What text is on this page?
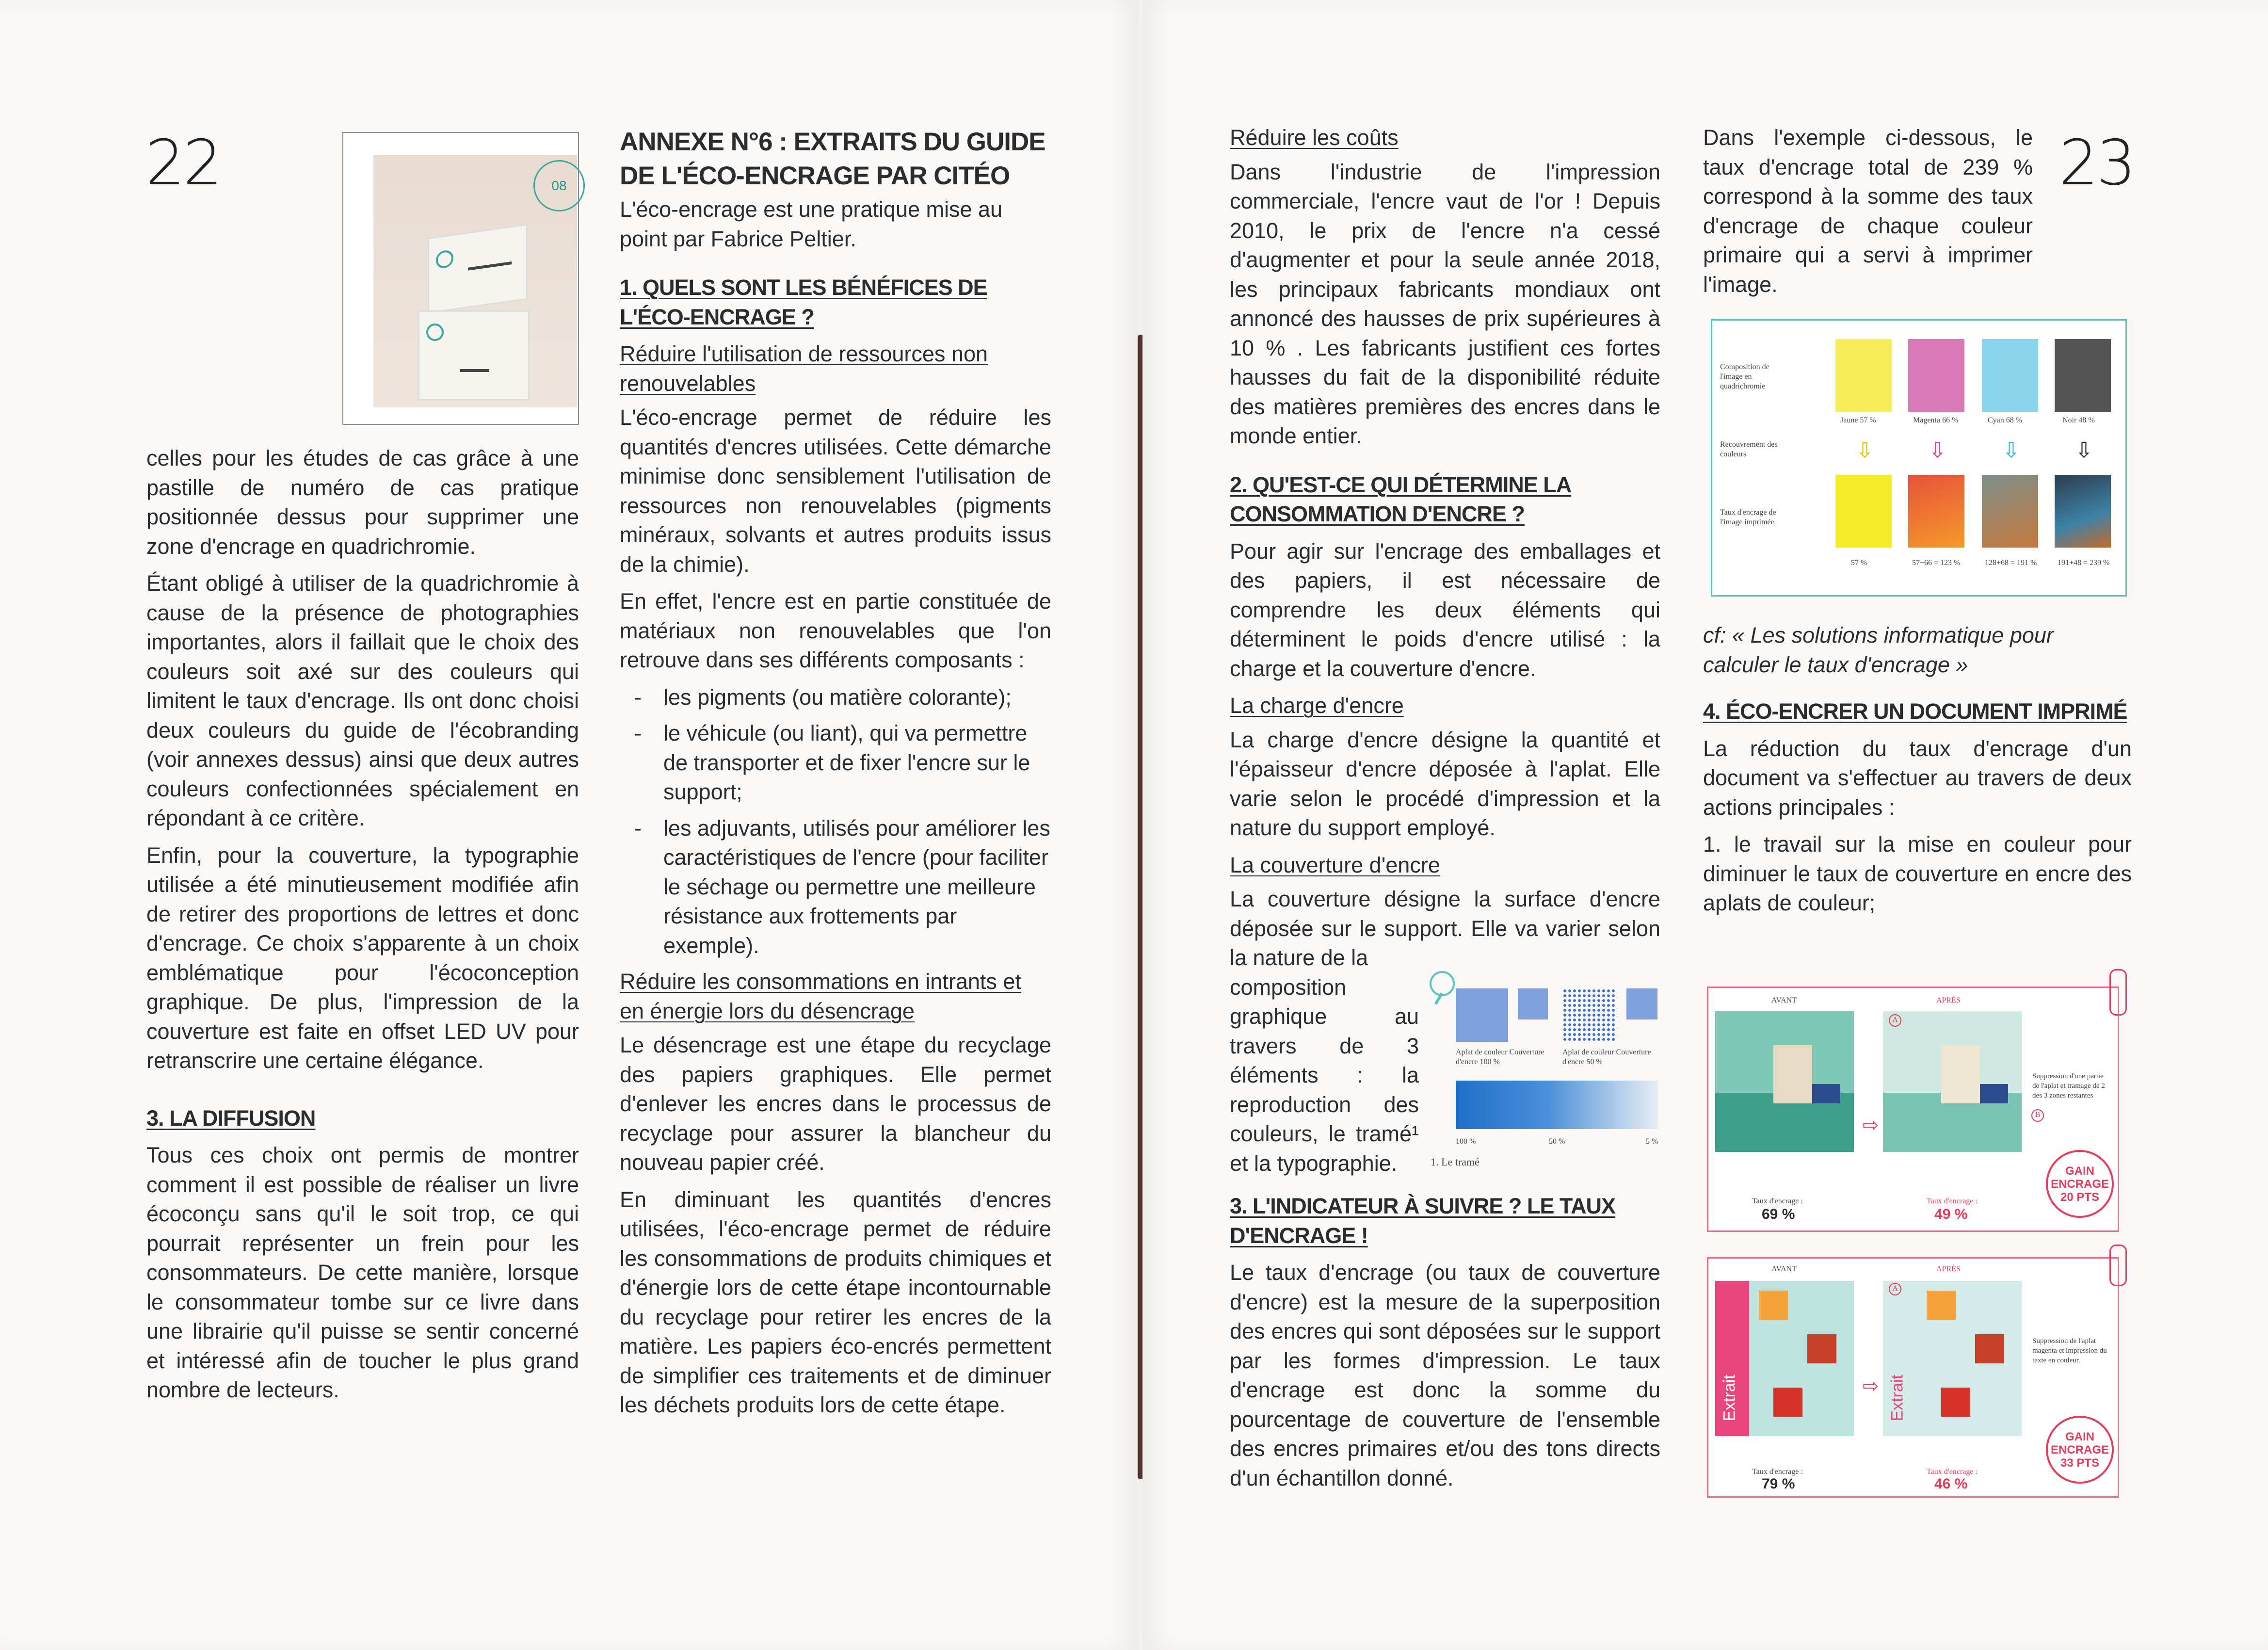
22	08

celles pour les études de cas grâce à une pastille de numéro de cas pratique positionnée dessus pour supprimer une zone d'encrage en quadrichromie.

Étant obligé à utiliser de la quadrichromie à cause de la présence de photographies importantes, alors il faillait que le choix des couleurs soit axé sur des couleurs qui limitent le taux d'encrage. Ils ont donc choisi deux couleurs du guide de l'écobranding (voir annexes dessus) ainsi que deux autres couleurs confectionnées spécialement en répondant à ce critère.

Enfin, pour la couverture, la typographie utilisée a été minutieusement modifiée afin de retirer des proportions de lettres et donc d'encrage. Ce choix s'apparente à un choix emblématique pour l'écoconception graphique. De plus, l'impression de la couverture est faite en offset LED UV pour retranscrire une certaine élégance.

3. LA DIFFUSION

Tous ces choix ont permis de montrer comment il est possible de réaliser un livre écoconçu sans qu'il le soit trop, ce qui pourrait représenter un frein pour les consommateurs. De cette manière, lorsque le consommateur tombe sur ce livre dans une librairie qu'il puisse se sentir concerné et intéressé afin de toucher le plus grand nombre de lecteurs.

ANNEXE N°6 : EXTRAITS DU GUIDE DE L'ÉCO-ENCRAGE PAR CITÉO

L'éco-encrage est une pratique mise au point par Fabrice Peltier.

1. QUELS SONT LES BÉNÉFICES DE L'ÉCO-ENCRAGE ?
Réduire l'utilisation de ressources non renouvelables

L'éco-encrage permet de réduire les quantités d'encres utilisées. Cette démarche minimise donc sensiblement l'utilisation de ressources non renouvelables (pigments minéraux, solvants et autres produits issus de la chimie).

En effet, l'encre est en partie constituée de matériaux non renouvelables que l'on retrouve dans ses différents composants :

- les pigments (ou matière colorante);
- le véhicule (ou liant), qui va permettre de transporter et de fixer l'encre sur le support;
- les adjuvants, utilisés pour améliorer les caractéristiques de l'encre (pour faciliter le séchage ou permettre une meilleure résistance aux frottements par exemple).
Réduire les consommations en intrants et en énergie lors du désencrage

Le désencrage est une étape du recyclage des papiers graphiques. Elle permet d'enlever les encres dans le processus de recyclage pour assurer la blancheur du nouveau papier créé.

En diminuant les quantités d'encres utilisées, l'éco-encrage permet de réduire les consommations de produits chimiques et d'énergie lors de cette étape incontournable du recyclage pour retirer les encres de la matière. Les papiers éco-encrés permettent de simplifier ces traitements et de diminuer les déchets produits lors de cette étape.

23
Réduire les coûts

Dans l'industrie de l'impression commerciale, l'encre vaut de l'or ! Depuis 2010, le prix de l'encre n'a cessé d'augmenter et pour la seule année 2018, les principaux fabricants mondiaux ont annoncé des hausses de prix supérieures à 10 % . Les fabricants justifient ces fortes hausses du fait de la disponibilité réduite des matières premières des encres dans le monde entier.

2. QU'EST-CE QUI DÉTERMINE LA CONSOMMATION D'ENCRE ?

Pour agir sur l'encrage des emballages et des papiers, il est nécessaire de comprendre les deux éléments qui déterminent le poids d'encre utilisé : la charge et la couverture d'encre.

La charge d'encre

La charge d'encre désigne la quantité et l'épaisseur d'encre déposée à l'aplat. Elle varie selon le procédé d'impression et la nature du support employé.

La couverture d'encre

La couverture désigne la surface d'encre déposée sur le support. Elle va varier selon la nature de la

composition graphique au travers de 3 éléments : la reproduction des couleurs, le tramé¹ et la typographie.

3. L'INDICATEUR À SUIVRE ? LE TAUX D'ENCRAGE !

Le taux d'encrage (ou taux de couverture d'encre) est la mesure de la superposition des encres qui sont déposées sur le support par les formes d'impression. Le taux d'encrage est donc la somme du pourcentage de couverture de l'ensemble des encres primaires et/ou des tons directs d'un échantillon donné.

Aplat de couleur Couverture d'encre 100 %
Aplat de couleur Couverture d'encre 50 %
100 %	50 %	5 %
1. Le tramé

Dans l'exemple ci-dessous, le taux d'encrage total de 239 % correspond à la somme des taux d'encrage de chaque couleur primaire qui a servi à imprimer l'image.

Composition de l'image en quadrichromie
Recouvrement des couleurs
Taux d'encrage de l'image imprimée
Jaune 57 %	Magenta 66 %	Cyan 68 %	Noir 48 %
⇩	⇩	⇩	⇩
57 %	57+66 = 123 %	128+68 = 191 %	191+48 = 239 %

cf: « Les solutions informatique pour calculer le taux d'encrage »

4. ÉCO-ENCRER UN DOCUMENT IMPRIMÉ

La réduction du taux d'encrage d'un document va s'effectuer au travers de deux actions principales :

1. le travail sur la mise en couleur pour diminuer le taux de couverture en encre des aplats de couleur;

AVANT	APRÈS
⇨
A
B
Suppression d'une partie de l'aplat et tramage de 2 des 3 zones restantes
Taux d'encrage :
69 %
Taux d'encrage :
49 %
GAIN ENCRAGE 20 PTS
AVANT	APRÈS
Extrait	⇨ Extrait
A
Suppression de l'aplat magenta et impression du texte en couleur.
Taux d'encrage :
79 %
Taux d'encrage :
46 %
GAIN ENCRAGE 33 PTS
